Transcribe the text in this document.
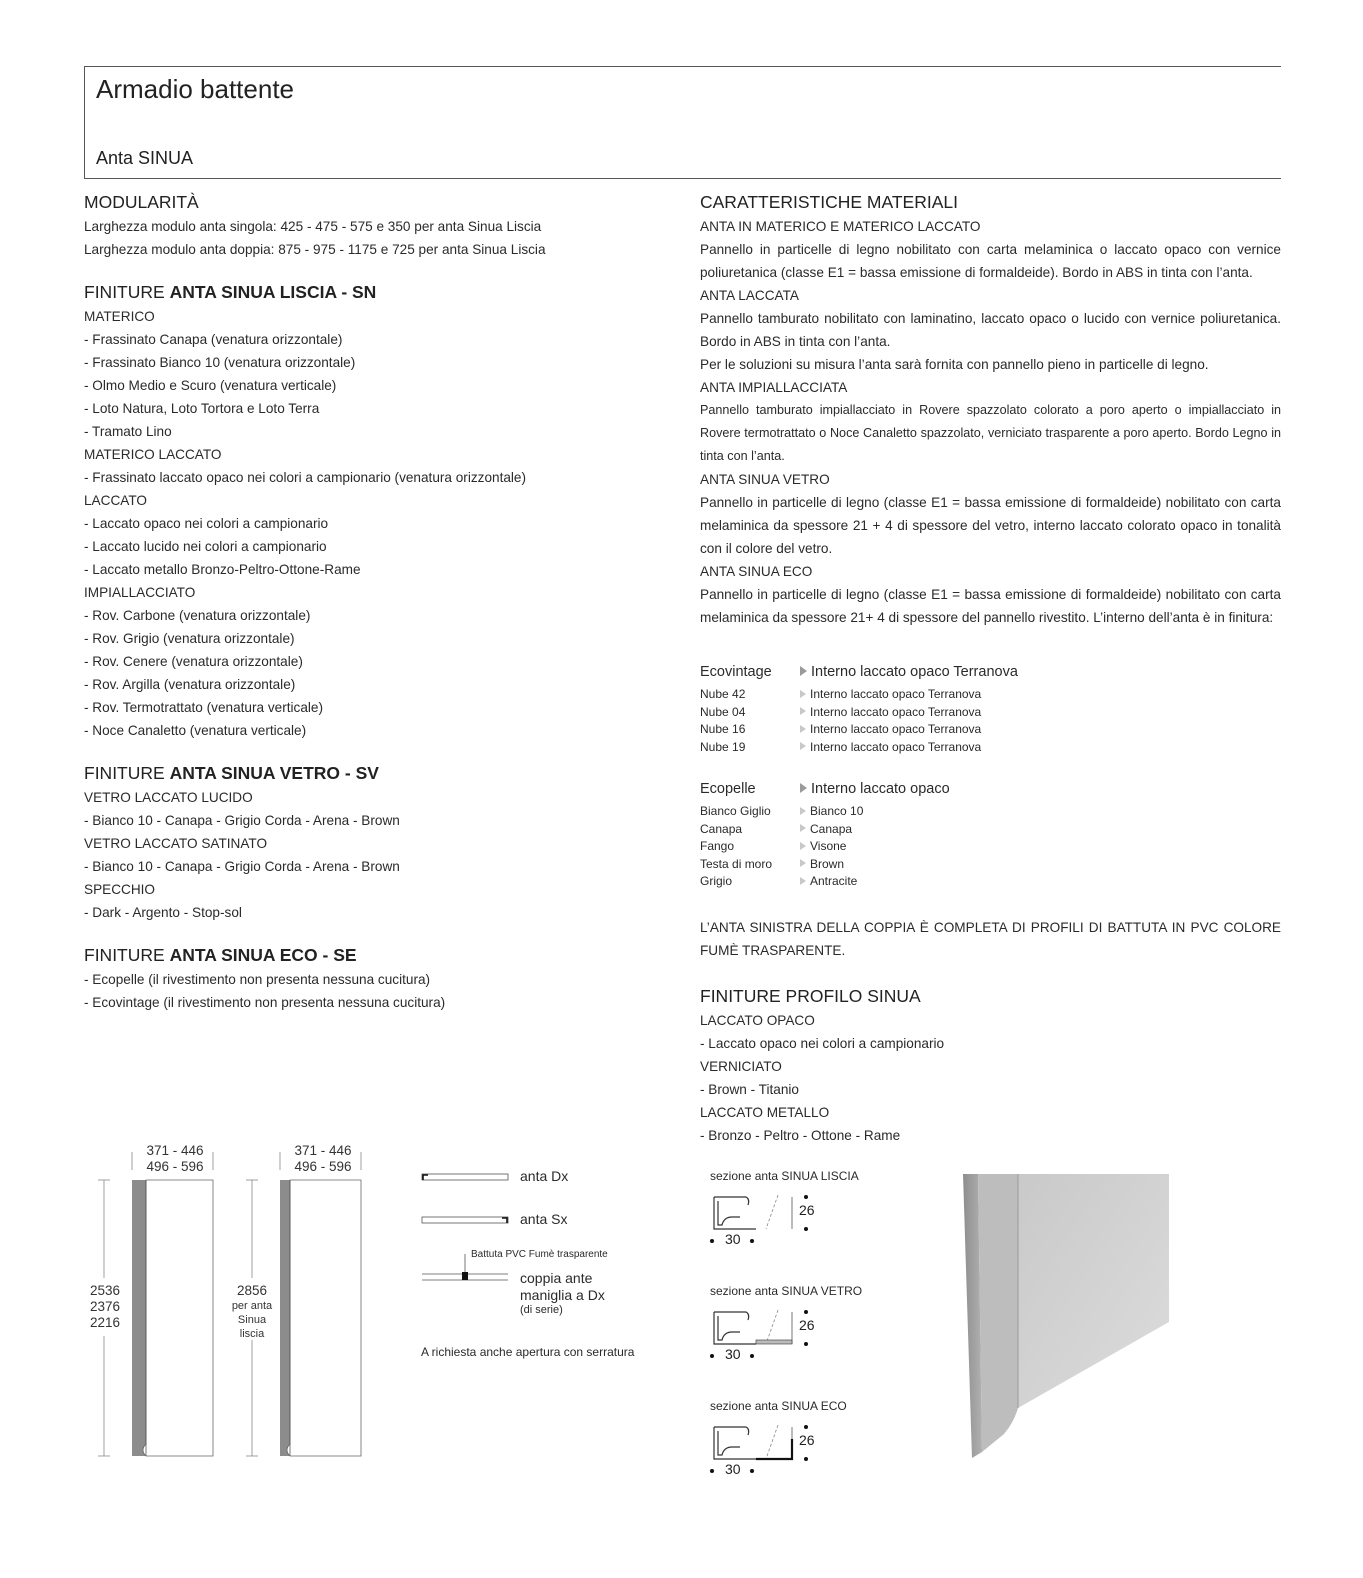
Armadio battente
Anta SINUA
MODULARITÀ
Larghezza modulo anta singola: 425 - 475 - 575 e 350 per anta Sinua Liscia
Larghezza modulo anta doppia: 875 - 975 - 1175 e 725 per anta Sinua Liscia
FINITURE ANTA SINUA LISCIA - SN
MATERICO
- Frassinato Canapa (venatura orizzontale)
- Frassinato Bianco 10 (venatura orizzontale)
- Olmo Medio e Scuro (venatura verticale)
- Loto Natura, Loto Tortora e Loto Terra
- Tramato Lino
MATERICO LACCATO
- Frassinato laccato opaco nei colori a campionario (venatura orizzontale)
LACCATO
- Laccato opaco nei colori a campionario
- Laccato lucido nei colori a campionario
- Laccato metallo Bronzo-Peltro-Ottone-Rame
IMPIALLACCIATO
- Rov. Carbone (venatura orizzontale)
- Rov. Grigio (venatura orizzontale)
- Rov. Cenere (venatura orizzontale)
- Rov. Argilla (venatura orizzontale)
- Rov. Termotrattato (venatura verticale)
- Noce Canaletto (venatura verticale)
FINITURE ANTA SINUA VETRO - SV
VETRO LACCATO LUCIDO
- Bianco 10 - Canapa - Grigio Corda - Arena - Brown
VETRO LACCATO SATINATO
- Bianco 10 - Canapa - Grigio Corda - Arena - Brown
SPECCHIO
- Dark - Argento - Stop-sol
FINITURE ANTA SINUA ECO - SE
- Ecopelle (il rivestimento non presenta nessuna cucitura)
- Ecovintage (il rivestimento non presenta nessuna cucitura)
CARATTERISTICHE MATERIALI
ANTA IN MATERICO E MATERICO LACCATO
Pannello in particelle di legno nobilitato con carta melaminica o laccato opaco con vernice poliuretanica (classe E1 = bassa emissione di formaldeide). Bordo in ABS in tinta con l’anta.
ANTA LACCATA
Pannello tamburato nobilitato con laminatino, laccato opaco o lucido con vernice poliuretanica. Bordo in ABS in tinta con l’anta.
Per le soluzioni su misura l’anta sarà fornita con pannello pieno in particelle di legno.
ANTA IMPIALLACCIATA
Pannello tamburato impiallacciato in Rovere spazzolato colorato a poro aperto o impiallacciato in Rovere termotrattato o Noce Canaletto spazzolato, verniciato trasparente a poro aperto. Bordo Legno in tinta con l’anta.
ANTA SINUA VETRO
Pannello in particelle di legno (classe E1 = bassa emissione di formaldeide) nobilitato con carta melaminica da spessore 21 + 4 di spessore del vetro, interno laccato colorato opaco in tonalità con il colore del vetro.
ANTA SINUA ECO
Pannello in particelle di legno (classe E1 = bassa emissione di formaldeide) nobilitato con carta melaminica da spessore 21+ 4 di spessore del pannello rivestito. L’interno dell’anta è in finitura:
Ecovintage	Interno laccato opaco Terranova
Nube 42	Interno laccato opaco Terranova
Nube 04	Interno laccato opaco Terranova
Nube 16	Interno laccato opaco Terranova
Nube 19	Interno laccato opaco Terranova
Ecopelle	Interno laccato opaco
Bianco Giglio	Bianco 10
Canapa	Canapa
Fango	Visone
Testa di moro	Brown
Grigio	Antracite
L’ANTA SINISTRA DELLA COPPIA È COMPLETA DI PROFILI DI BATTUTA IN PVC COLORE FUMÈ TRASPARENTE.
FINITURE PROFILO SINUA
LACCATO OPACO
- Laccato opaco nei colori a campionario
VERNICIATO
- Brown - Titanio
LACCATO METALLO
- Bronzo - Peltro - Ottone - Rame
371 - 446
496 - 596
371 - 446
496 - 596
2536
2376
2216
2856
per anta
Sinua
liscia
anta Dx
anta Sx
Battuta PVC Fumè trasparente
coppia ante
maniglia a Dx
(di serie)
A richiesta anche apertura con serratura
sezione anta SINUA LISCIA
26
30
sezione anta SINUA VETRO
26
30
sezione anta SINUA ECO
26
30
